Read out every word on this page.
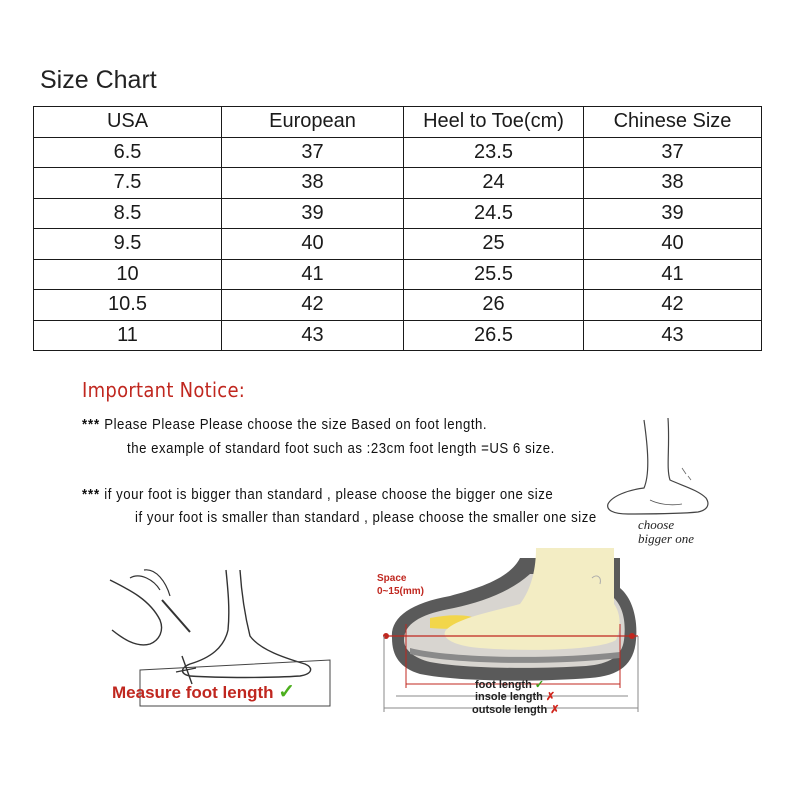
Size Chart
USA	European	Heel to Toe(cm)	Chinese Size
6.5	37	23.5	37
7.5	38	24	38
8.5	39	24.5	39
9.5	40	25	40
10	41	25.5	41
10.5	42	26	42
11	43	26.5	43
Important Notice:
*** Please Please Please choose the size Based on foot length.
the example of standard foot such as :23cm foot length =US 6 size.
*** if your foot is bigger than standard , please choose the bigger one size
if your foot is smaller than standard , please choose the smaller one size	choose
bigger one
Measure foot length ✓
Space
0~15(mm)
foot length ✓
insole length ✗
outsole length ✗
